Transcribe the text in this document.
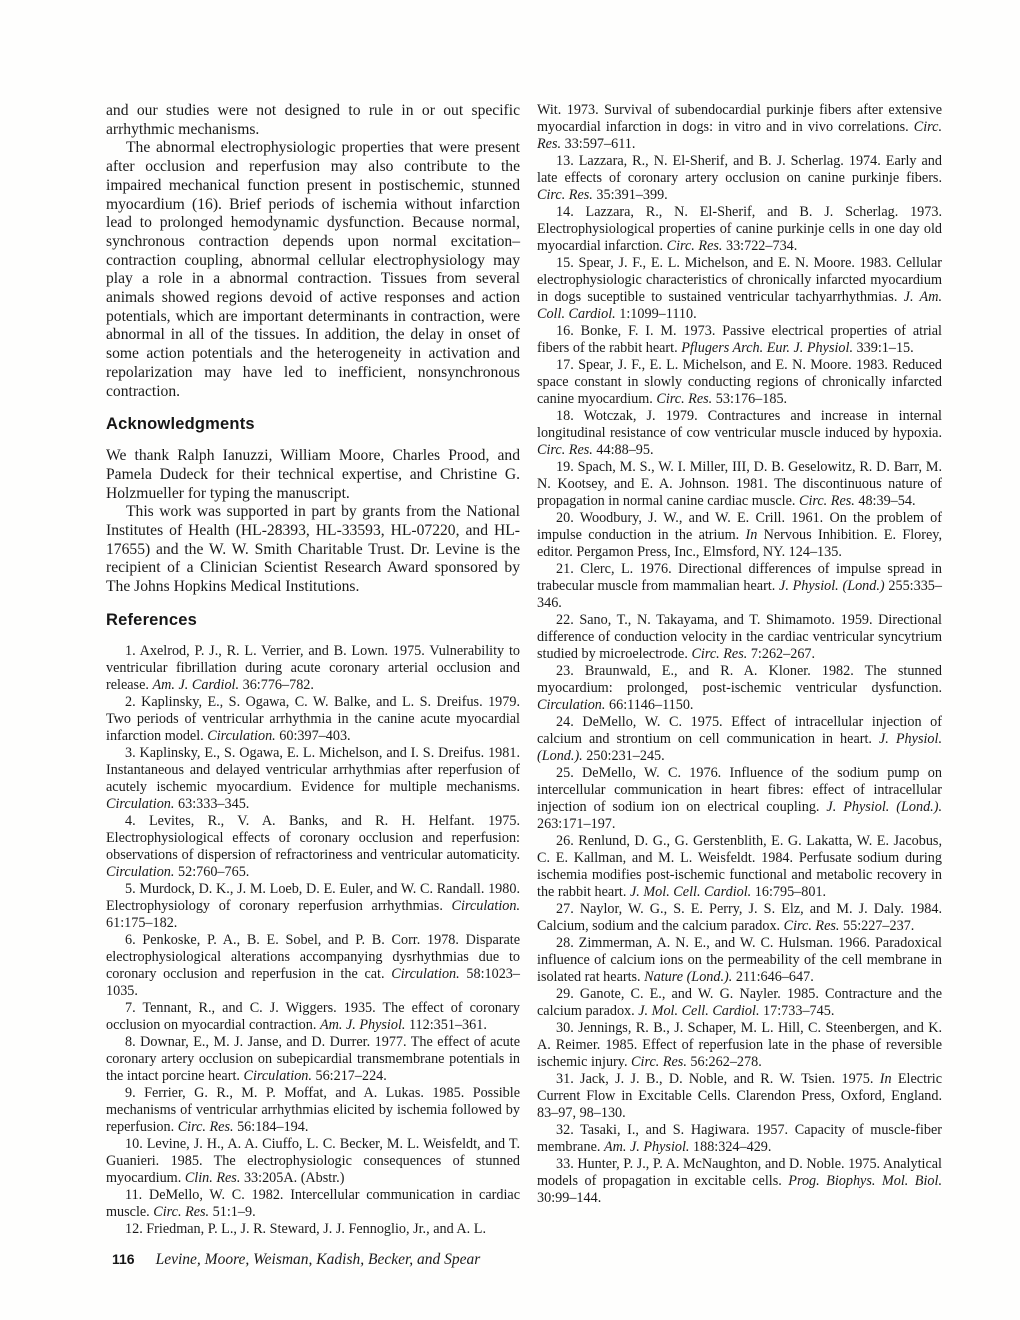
and our studies were not designed to rule in or out specific arrhythmic mechanisms.

The abnormal electrophysiologic properties that were present after occlusion and reperfusion may also contribute to the impaired mechanical function present in postischemic, stunned myocardium (16). Brief periods of ischemia without infarction lead to prolonged hemodynamic dysfunction. Because normal, synchronous contraction depends upon normal excitation–contraction coupling, abnormal cellular electrophysiology may play a role in a abnormal contraction. Tissues from several animals showed regions devoid of active responses and action potentials, which are important determinants in contraction, were abnormal in all of the tissues. In addition, the delay in onset of some action potentials and the heterogeneity in activation and repolarization may have led to inefficient, nonsynchronous contraction.

Acknowledgments

We thank Ralph Ianuzzi, William Moore, Charles Prood, and Pamela Dudeck for their technical expertise, and Christine G. Holzmueller for typing the manuscript.

This work was supported in part by grants from the National Institutes of Health (HL-28393, HL-33593, HL-07220, and HL-17655) and the W. W. Smith Charitable Trust. Dr. Levine is the recipient of a Clinician Scientist Research Award sponsored by The Johns Hopkins Medical Institutions.

References

1. Axelrod, P. J., R. L. Verrier, and B. Lown. 1975. Vulnerability to ventricular fibrillation during acute coronary arterial occlusion and release. Am. J. Cardiol. 36:776–782.

2. Kaplinsky, E., S. Ogawa, C. W. Balke, and L. S. Dreifus. 1979. Two periods of ventricular arrhythmia in the canine acute myocardial infarction model. Circulation. 60:397–403.

3. Kaplinsky, E., S. Ogawa, E. L. Michelson, and I. S. Dreifus. 1981. Instantaneous and delayed ventricular arrhythmias after reperfusion of acutely ischemic myocardium. Evidence for multiple mechanisms. Circulation. 63:333–345.

4. Levites, R., V. A. Banks, and R. H. Helfant. 1975. Electrophysiological effects of coronary occlusion and reperfusion: observations of dispersion of refractoriness and ventricular automaticity. Circulation. 52:760–765.

5. Murdock, D. K., J. M. Loeb, D. E. Euler, and W. C. Randall. 1980. Electrophysiology of coronary reperfusion arrhythmias. Circulation. 61:175–182.

6. Penkoske, P. A., B. E. Sobel, and P. B. Corr. 1978. Disparate electrophysiological alterations accompanying dysrhythmias due to coronary occlusion and reperfusion in the cat. Circulation. 58:1023–1035.

7. Tennant, R., and C. J. Wiggers. 1935. The effect of coronary occlusion on myocardial contraction. Am. J. Physiol. 112:351–361.

8. Downar, E., M. J. Janse, and D. Durrer. 1977. The effect of acute coronary artery occlusion on subepicardial transmembrane potentials in the intact porcine heart. Circulation. 56:217–224.

9. Ferrier, G. R., M. P. Moffat, and A. Lukas. 1985. Possible mechanisms of ventricular arrhythmias elicited by ischemia followed by reperfusion. Circ. Res. 56:184–194.

10. Levine, J. H., A. A. Ciuffo, L. C. Becker, M. L. Weisfeldt, and T. Guanieri. 1985. The electrophysiologic consequences of stunned myocardium. Clin. Res. 33:205A. (Abstr.)

11. DeMello, W. C. 1982. Intercellular communication in cardiac muscle. Circ. Res. 51:1–9.

12. Friedman, P. L., J. R. Steward, J. J. Fennoglio, Jr., and A. L.

Wit. 1973. Survival of subendocardial purkinje fibers after extensive myocardial infarction in dogs: in vitro and in vivo correlations. Circ. Res. 33:597–611.

13. Lazzara, R., N. El-Sherif, and B. J. Scherlag. 1974. Early and late effects of coronary artery occlusion on canine purkinje fibers. Circ. Res. 35:391–399.

14. Lazzara, R., N. El-Sherif, and B. J. Scherlag. 1973. Electrophysiological properties of canine purkinje cells in one day old myocardial infarction. Circ. Res. 33:722–734.

15. Spear, J. F., E. L. Michelson, and E. N. Moore. 1983. Cellular electrophysiologic characteristics of chronically infarcted myocardium in dogs suceptible to sustained ventricular tachyarrhythmias. J. Am. Coll. Cardiol. 1:1099–1110.

16. Bonke, F. I. M. 1973. Passive electrical properties of atrial fibers of the rabbit heart. Pflugers Arch. Eur. J. Physiol. 339:1–15.

17. Spear, J. F., E. L. Michelson, and E. N. Moore. 1983. Reduced space constant in slowly conducting regions of chronically infarcted canine myocardium. Circ. Res. 53:176–185.

18. Wotczak, J. 1979. Contractures and increase in internal longitudinal resistance of cow ventricular muscle induced by hypoxia. Circ. Res. 44:88–95.

19. Spach, M. S., W. I. Miller, III, D. B. Geselowitz, R. D. Barr, M. N. Kootsey, and E. A. Johnson. 1981. The discontinuous nature of propagation in normal canine cardiac muscle. Circ. Res. 48:39–54.

20. Woodbury, J. W., and W. E. Crill. 1961. On the problem of impulse conduction in the atrium. In Nervous Inhibition. E. Florey, editor. Pergamon Press, Inc., Elmsford, NY. 124–135.

21. Clerc, L. 1976. Directional differences of impulse spread in trabecular muscle from mammalian heart. J. Physiol. (Lond.) 255:335–346.

22. Sano, T., N. Takayama, and T. Shimamoto. 1959. Directional difference of conduction velocity in the cardiac ventricular syncytrium studied by microelectrode. Circ. Res. 7:262–267.

23. Braunwald, E., and R. A. Kloner. 1982. The stunned myocardium: prolonged, post-ischemic ventricular dysfunction. Circulation. 66:1146–1150.

24. DeMello, W. C. 1975. Effect of intracellular injection of calcium and strontium on cell communication in heart. J. Physiol. (Lond.). 250:231–245.

25. DeMello, W. C. 1976. Influence of the sodium pump on intercellular communication in heart fibres: effect of intracellular injection of sodium ion on electrical coupling. J. Physiol. (Lond.). 263:171–197.

26. Renlund, D. G., G. Gerstenblith, E. G. Lakatta, W. E. Jacobus, C. E. Kallman, and M. L. Weisfeldt. 1984. Perfusate sodium during ischemia modifies post-ischemic functional and metabolic recovery in the rabbit heart. J. Mol. Cell. Cardiol. 16:795–801.

27. Naylor, W. G., S. E. Perry, J. S. Elz, and M. J. Daly. 1984. Calcium, sodium and the calcium paradox. Circ. Res. 55:227–237.

28. Zimmerman, A. N. E., and W. C. Hulsman. 1966. Paradoxical influence of calcium ions on the permeability of the cell membrane in isolated rat hearts. Nature (Lond.). 211:646–647.

29. Ganote, C. E., and W. G. Nayler. 1985. Contracture and the calcium paradox. J. Mol. Cell. Cardiol. 17:733–745.

30. Jennings, R. B., J. Schaper, M. L. Hill, C. Steenbergen, and K. A. Reimer. 1985. Effect of reperfusion late in the phase of reversible ischemic injury. Circ. Res. 56:262–278.

31. Jack, J. J. B., D. Noble, and R. W. Tsien. 1975. In Electric Current Flow in Excitable Cells. Clarendon Press, Oxford, England. 83–97, 98–130.

32. Tasaki, I., and S. Hagiwara. 1957. Capacity of muscle-fiber membrane. Am. J. Physiol. 188:324–429.

33. Hunter, P. J., P. A. McNaughton, and D. Noble. 1975. Analytical models of propagation in excitable cells. Prog. Biophys. Mol. Biol. 30:99–144.

116 Levine, Moore, Weisman, Kadish, Becker, and Spear
